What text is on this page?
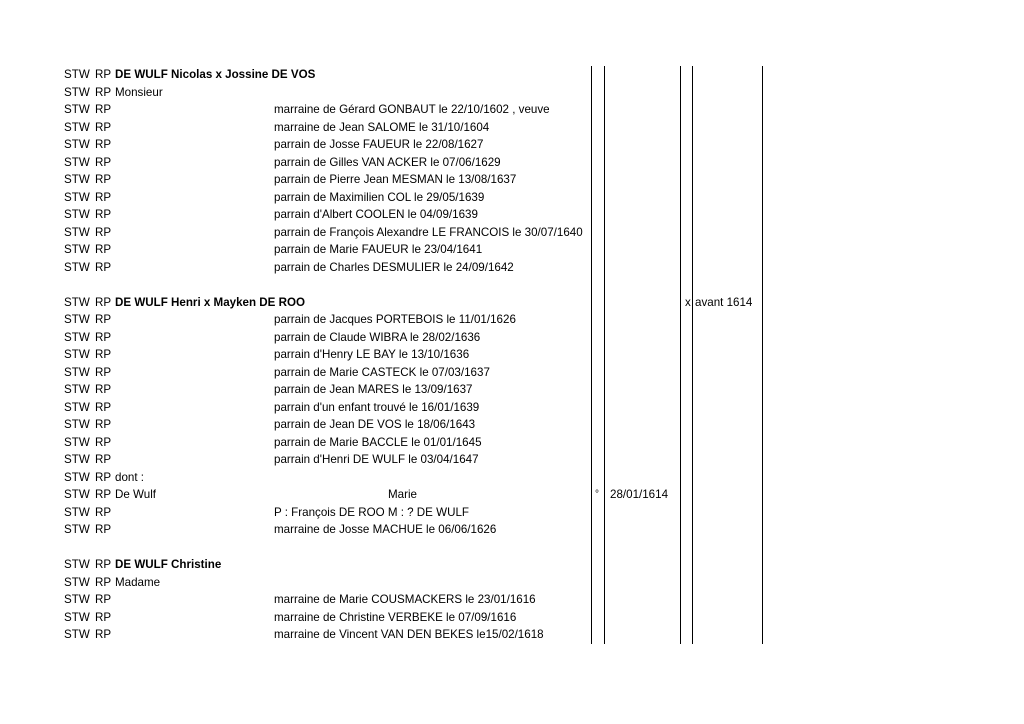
STW RP DE WULF Nicolas x Jossine DE VOS
STW RP Monsieur
STW RP	marraine de Gérard GONBAUT le 22/10/1602 , veuve
STW RP	marraine de Jean SALOME le 31/10/1604
STW RP	parrain de Josse FAUEUR le 22/08/1627
STW RP	parrain de Gilles VAN ACKER le 07/06/1629
STW RP	parrain de Pierre Jean MESMAN le 13/08/1637
STW RP	parrain de Maximilien COL le 29/05/1639
STW RP	parrain d'Albert COOLEN le 04/09/1639
STW RP	parrain de François Alexandre LE FRANCOIS le 30/07/1640
STW RP	parrain de Marie FAUEUR le 23/04/1641
STW RP	parrain de Charles DESMULIER le 24/09/1642
STW RP DE WULF Henri x Mayken DE ROO	x avant 1614
STW RP	parrain de Jacques PORTEBOIS le 11/01/1626
STW RP	parrain de Claude WIBRA le 28/02/1636
STW RP	parrain d'Henry LE BAY le 13/10/1636
STW RP	parrain de Marie CASTECK le 07/03/1637
STW RP	parrain de Jean MARES le 13/09/1637
STW RP	parrain d'un enfant trouvé le 16/01/1639
STW RP	parrain de Jean DE VOS le 18/06/1643
STW RP	parrain de Marie BACCLE le 01/01/1645
STW RP	parrain d'Henri DE WULF le 03/04/1647
STW RP dont :
STW RP De Wulf	Marie	° 28/01/1614
STW RP	P : François DE ROO M : ? DE WULF
STW RP	marraine de Josse MACHUE le 06/06/1626
STW RP DE WULF Christine
STW RP Madame
STW RP	marraine de Marie COUSMACKERS le 23/01/1616
STW RP	marraine de Christine VERBEKE le 07/09/1616
STW RP	marraine de Vincent VAN DEN BEKES le15/02/1618
